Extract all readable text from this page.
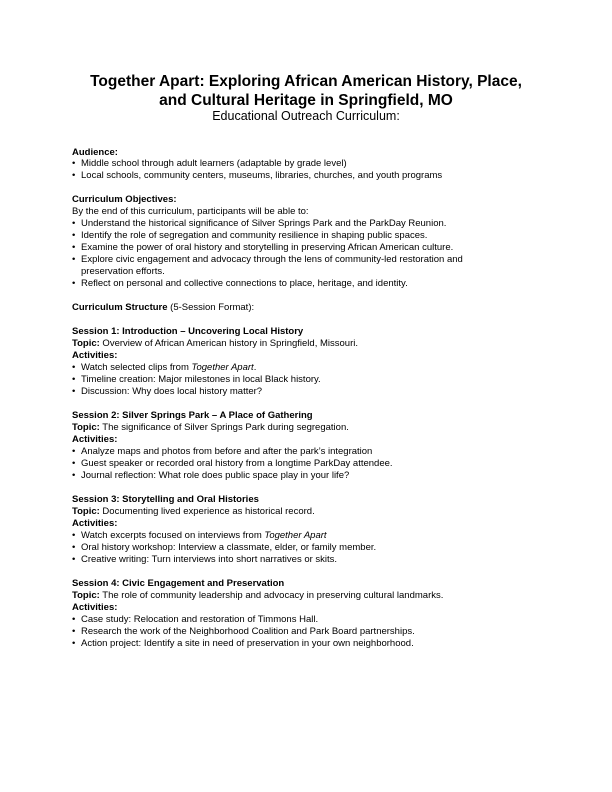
Together Apart: Exploring African American History, Place,
and Cultural Heritage in Springfield, MO
Educational Outreach Curriculum:
Audience:
• Middle school through adult learners (adaptable by grade level)
• Local schools, community centers, museums, libraries, churches, and youth programs
Curriculum Objectives:
By the end of this curriculum, participants will be able to:
• Understand the historical significance of Silver Springs Park and the ParkDay Reunion.
• Identify the role of segregation and community resilience in shaping public spaces.
• Examine the power of oral history and storytelling in preserving African American culture.
• Explore civic engagement and advocacy through the lens of community-led restoration and
preservation efforts.
• Reflect on personal and collective connections to place, heritage, and identity.
Curriculum Structure (5-Session Format):
Session 1: Introduction – Uncovering Local History
Topic: Overview of African American history in Springfield, Missouri.
Activities:
• Watch selected clips from Together Apart.
• Timeline creation: Major milestones in local Black history.
• Discussion: Why does local history matter?
Session 2: Silver Springs Park – A Place of Gathering
Topic: The significance of Silver Springs Park during segregation.
Activities:
• Analyze maps and photos from before and after the park’s integration
• Guest speaker or recorded oral history from a longtime ParkDay attendee.
• Journal reflection: What role does public space play in your life?
Session 3: Storytelling and Oral Histories
Topic: Documenting lived experience as historical record.
Activities:
• Watch excerpts focused on interviews from Together Apart
• Oral history workshop: Interview a classmate, elder, or family member.
• Creative writing: Turn interviews into short narratives or skits.
Session 4: Civic Engagement and Preservation
Topic: The role of community leadership and advocacy in preserving cultural landmarks.
Activities:
• Case study: Relocation and restoration of Timmons Hall.
• Research the work of the Neighborhood Coalition and Park Board partnerships.
• Action project: Identify a site in need of preservation in your own neighborhood.
